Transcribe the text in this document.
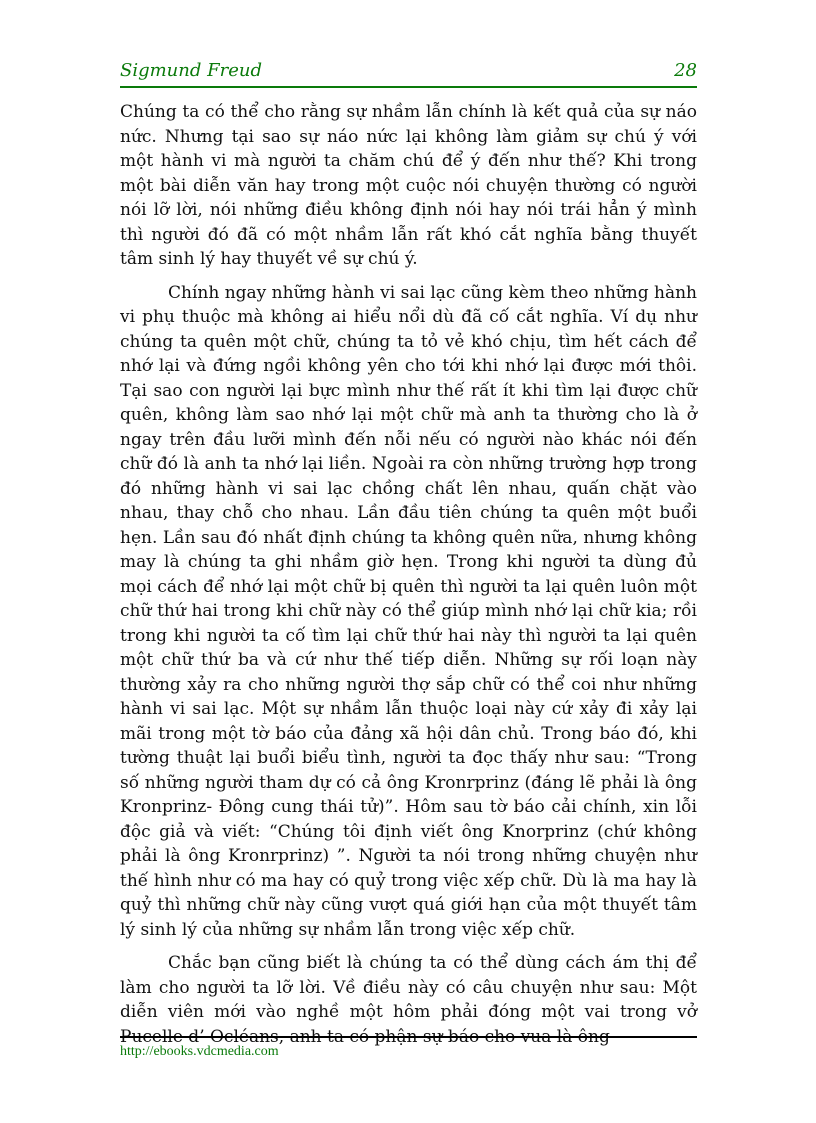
Sigmund Freud	28

Chúng ta có thể cho rằng sự nhầm lẫn chính là kết quả của sự náo nức. Nhưng tại sao sự náo nức lại không làm giảm sự chú ý với một hành vi mà người ta chăm chú để ý đến như thế? Khi trong một bài diễn văn hay trong một cuộc nói chuyện thường có người nói lỡ lời, nói những điều không định nói hay nói trái hẳn ý mình thì người đó đã có một nhầm lẫn rất khó cắt nghĩa bằng thuyết tâm sinh lý hay thuyết về sự chú ý.

Chính ngay những hành vi sai lạc cũng kèm theo những hành vi phụ thuộc mà không ai hiểu nổi dù đã cố cắt nghĩa. Ví dụ như chúng ta quên một chữ, chúng ta tỏ vẻ khó chịu, tìm hết cách để nhớ lại và đứng ngồi không yên cho tới khi nhớ lại được mới thôi. Tại sao con người lại bực mình như thế rất ít khi tìm lại được chữ quên, không làm sao nhớ lại một chữ mà anh ta thường cho là ở ngay trên đầu lưỡi mình đến nỗi nếu có người nào khác nói đến chữ đó là anh ta nhớ lại liền. Ngoài ra còn những trường hợp trong đó những hành vi sai lạc chồng chất lên nhau, quấn chặt vào nhau, thay chỗ cho nhau. Lần đầu tiên chúng ta quên một buổi hẹn. Lần sau đó nhất định chúng ta không quên nữa, nhưng không may là chúng ta ghi nhầm giờ hẹn. Trong khi người ta dùng đủ mọi cách để nhớ lại một chữ bị quên thì người ta lại quên luôn một chữ thứ hai trong khi chữ này có thể giúp mình nhớ lại chữ kia; rồi trong khi người ta cố tìm lại chữ thứ hai này thì người ta lại quên một chữ thứ ba và cứ như thế tiếp diễn. Những sự rối loạn này thường xảy ra cho những người thợ sắp chữ có thể coi như những hành vi sai lạc. Một sự nhầm lẫn thuộc loại này cứ xảy đi xảy lại mãi trong một tờ báo của đảng xã hội dân chủ. Trong báo đó, khi tường thuật lại buổi biểu tình, người ta đọc thấy như sau: “Trong số những người tham dự có cả ông Kronrprinz (đáng lẽ phải là ông Kronprinz- Đông cung thái tử)”. Hôm sau tờ báo cải chính, xin lỗi độc giả và viết: “Chúng tôi định viết ông Knorprinz (chứ không phải là ông Kronrprinz) ”. Người ta nói trong những chuyện như thế hình như có ma hay có quỷ trong việc xếp chữ. Dù là ma hay là quỷ thì những chữ này cũng vượt quá giới hạn của một thuyết tâm lý sinh lý của những sự nhầm lẫn trong việc xếp chữ.

Chắc bạn cũng biết là chúng ta có thể dùng cách ám thị để làm cho người ta lỡ lời. Về điều này có câu chuyện như sau: Một diễn viên mới vào nghề một hôm phải đóng một vai trong vở Pucelle d’ Ocléans, anh ta có phận sự báo cho vua là ông

http://ebooks.vdcmedia.com
